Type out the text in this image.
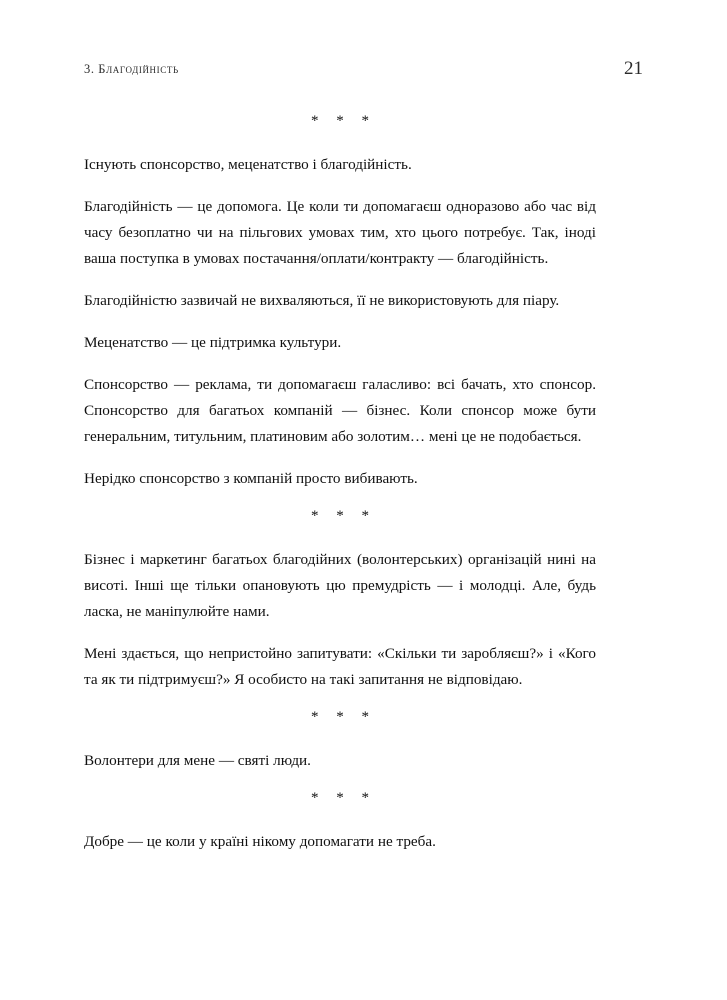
3. Благодійність	21
* * *

Існують спонсорство, меценатство і благодійність.

Благодійність — це допомога. Це коли ти допомагаєш одноразово або час від часу безоплатно чи на пільгових умовах тим, хто цього потребує. Так, іноді ваша поступка в умовах постачання/оплати/контракту — благодійність.

Благодійністю зазвичай не вихваляються, її не використовують для піару.

Меценатство — це підтримка культури.

Спонсорство — реклама, ти допомагаєш галасливо: всі бачать, хто спонсор. Спонсорство для багатьох компаній — бізнес. Коли спонсор може бути генеральним, титульним, платиновим або золотим… мені це не подобається.

Нерідко спонсорство з компаній просто вибивають.

* * *

Бізнес і маркетинг багатьох благодійних (волонтерських) організацій нині на висоті. Інші ще тільки опановують цю премудрість — і молодці. Але, будь ласка, не маніпулюйте нами.

Мені здається, що непристойно запитувати: «Скільки ти заробляєш?» і «Кого та як ти підтримуєш?» Я особисто на такі запитання не відповідаю.

* * *

Волонтери для мене — святі люди.

* * *

Добре — це коли у країні нікому допомагати не треба.
